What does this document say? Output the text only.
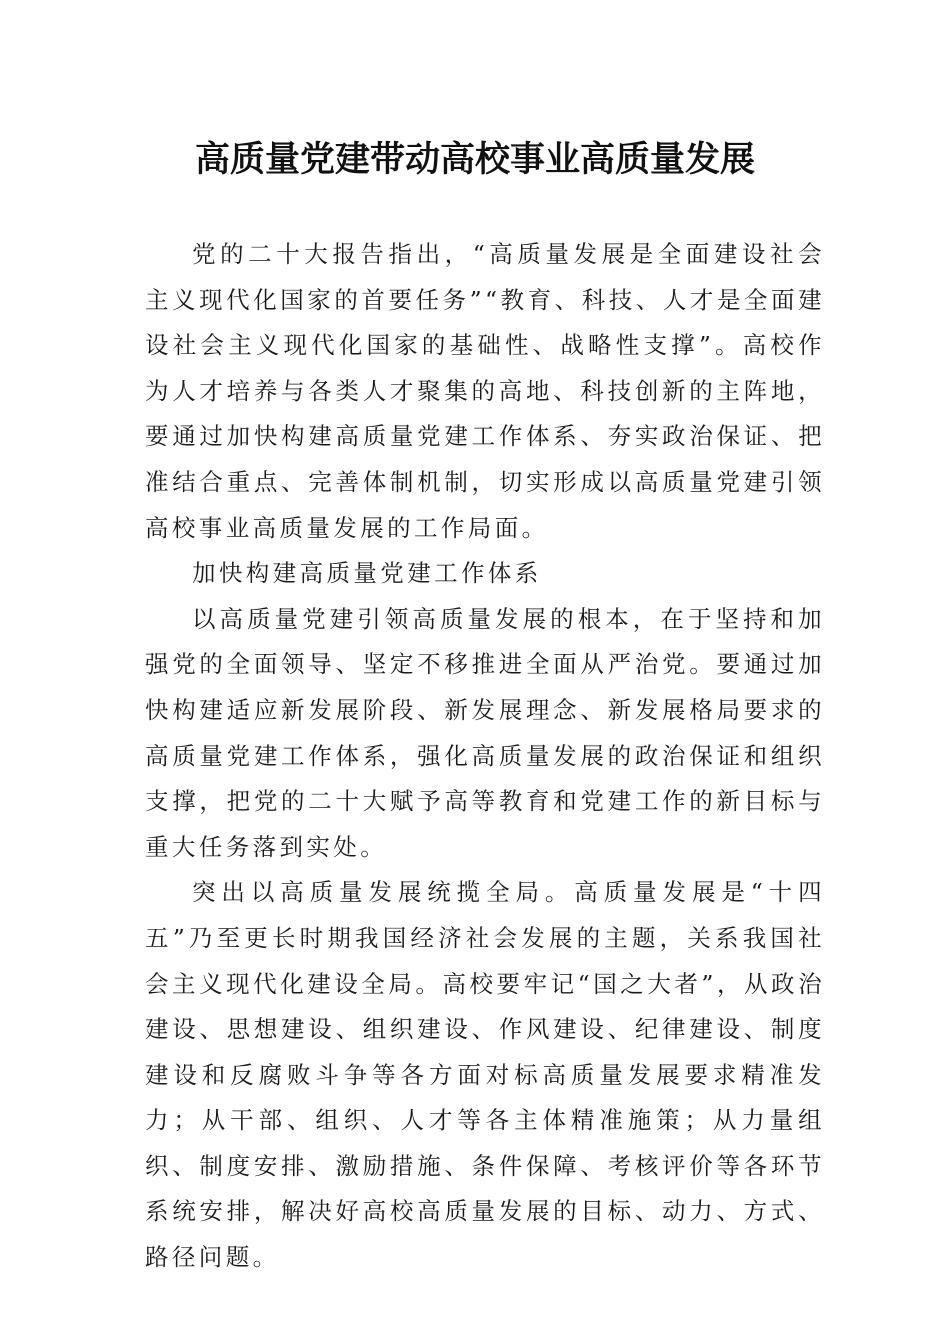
高质量党建带动高校事业高质量发展

党的二十大报告指出，“高质量发展是全面建设社会主义现代化国家的首要任务”“教育、科技、人才是全面建设社会主义现代化国家的基础性、战略性支撑”。高校作为人才培养与各类人才聚集的高地、科技创新的主阵地，要通过加快构建高质量党建工作体系、夯实政治保证、把准结合重点、完善体制机制，切实形成以高质量党建引领高校事业高质量发展的工作局面。

加快构建高质量党建工作体系

以高质量党建引领高质量发展的根本，在于坚持和加强党的全面领导、坚定不移推进全面从严治党。要通过加快构建适应新发展阶段、新发展理念、新发展格局要求的高质量党建工作体系，强化高质量发展的政治保证和组织支撑，把党的二十大赋予高等教育和党建工作的新目标与重大任务落到实处。

突出以高质量发展统揽全局。高质量发展是“十四五”乃至更长时期我国经济社会发展的主题，关系我国社会主义现代化建设全局。高校要牢记“国之大者”，从政治建设、思想建设、组织建设、作风建设、纪律建设、制度建设和反腐败斗争等各方面对标高质量发展要求精准发力；从干部、组织、人才等各主体精准施策；从力量组织、制度安排、激励措施、条件保障、考核评价等各环节系统安排，解决好高校高质量发展的目标、动力、方式、路径问题。
